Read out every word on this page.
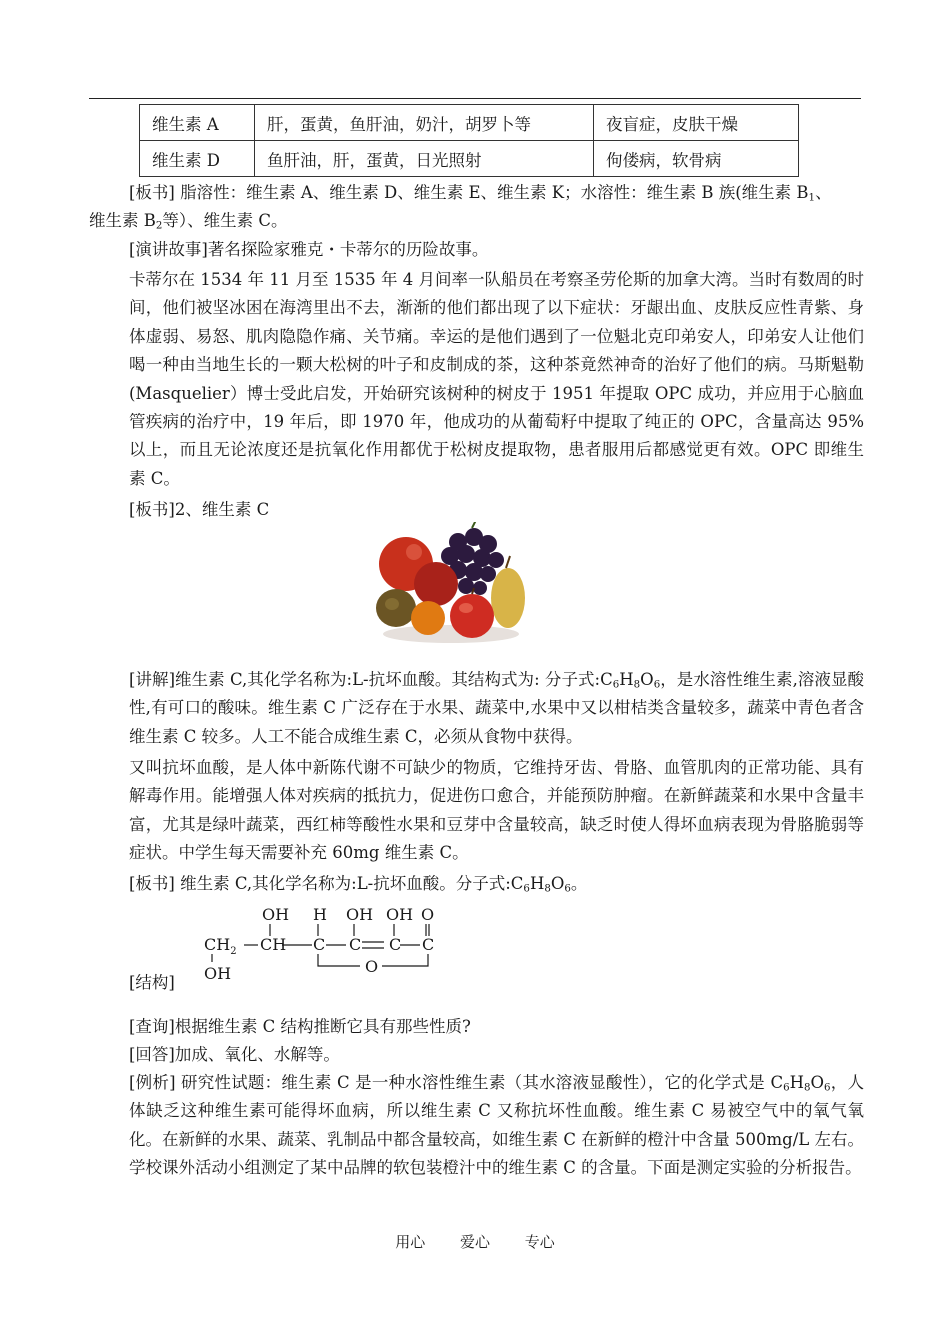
维生素 A	肝，蛋黄，鱼肝油，奶汁，胡罗卜等	夜盲症，皮肤干燥
维生素 D	鱼肝油，肝，蛋黄，日光照射	佝偻病，软骨病
[板书] 脂溶性：维生素 A、维生素 D、维生素 E、维生素 K；水溶性：维生素 B 族(维生素 $B_1$、
维生素 $B_2$等）、维生素 C。
[演讲故事]著名探险家雅克・卡蒂尔的历险故事。
卡蒂尔在 1534 年 11 月至 1535 年 4 月间率一队船员在考察圣劳伦斯的加拿大湾。当时有数周的时间，他们被坚冰困在海湾里出不去，渐渐的他们都出现了以下症状：牙龈出血、皮肤反应性青紫、身体虚弱、易怒、肌肉隐隐作痛、关节痛。幸运的是他们遇到了一位魁北克印弟安人，印弟安人让他们喝一种由当地生长的一颗大松树的叶子和皮制成的茶，这种茶竟然神奇的治好了他们的病。马斯魁勒(Masquelier）博士受此启发，开始研究该树种的树皮于 1951 年提取 OPC 成功，并应用于心脑血管疾病的治疗中，19 年后，即 1970 年，他成功的从葡萄籽中提取了纯正的 OPC，含量高达 95%以上，而且无论浓度还是抗氧化作用都优于松树皮提取物，患者服用后都感觉更有效。OPC 即维生素 C。
[板书]2、维生素 C
[讲解]维生素 C,其化学名称为:L-抗坏血酸。其结构式为: 分子式$:C_6H_8O_6$，是水溶性维生素,溶液显酸性,有可口的酸味。维生素 C 广泛存在于水果、蔬菜中,水果中又以柑桔类含量较多，蔬菜中青色者含维生素 C 较多。人工不能合成维生素 C，必须从食物中获得。
又叫抗坏血酸，是人体中新陈代谢不可缺少的物质，它维持牙齿、骨胳、血管肌肉的正常功能、具有解毒作用。能增强人体对疾病的抵抗力，促进伤口愈合，并能预防肿瘤。在新鲜蔬菜和水果中含量丰富，尤其是绿叶蔬菜，西红柿等酸性水果和豆芽中含量较高，缺乏时使人得坏血病表现为骨胳脆弱等症状。中学生每天需要补充 60mg 维生素 C。
[板书] 维生素 C,其化学名称为:L-抗坏血酸。分子式$:C_6H_8O_6$。
OH H OH OH O
$CH_2$ CH C C C C
O
OH
[结构]
[查询]根据维生素 C 结构推断它具有那些性质?
[回答]加成、氧化、水解等。
[例析] 研究性试题：维生素 C 是一种水溶性维生素（其水溶液显酸性），它的化学式是 $C_6H_8O_6$，人体缺乏这种维生素可能得坏血病，所以维生素 C 又称抗坏性血酸。维生素 C 易被空气中的氧气氧化。在新鲜的水果、蔬菜、乳制品中都含量较高，如维生素 C 在新鲜的橙汁中含量 500mg/L 左右。学校课外活动小组测定了某中品牌的软包装橙汁中的维生素 C 的含量。下面是测定实验的分析报告。
用心 爱心 专心
